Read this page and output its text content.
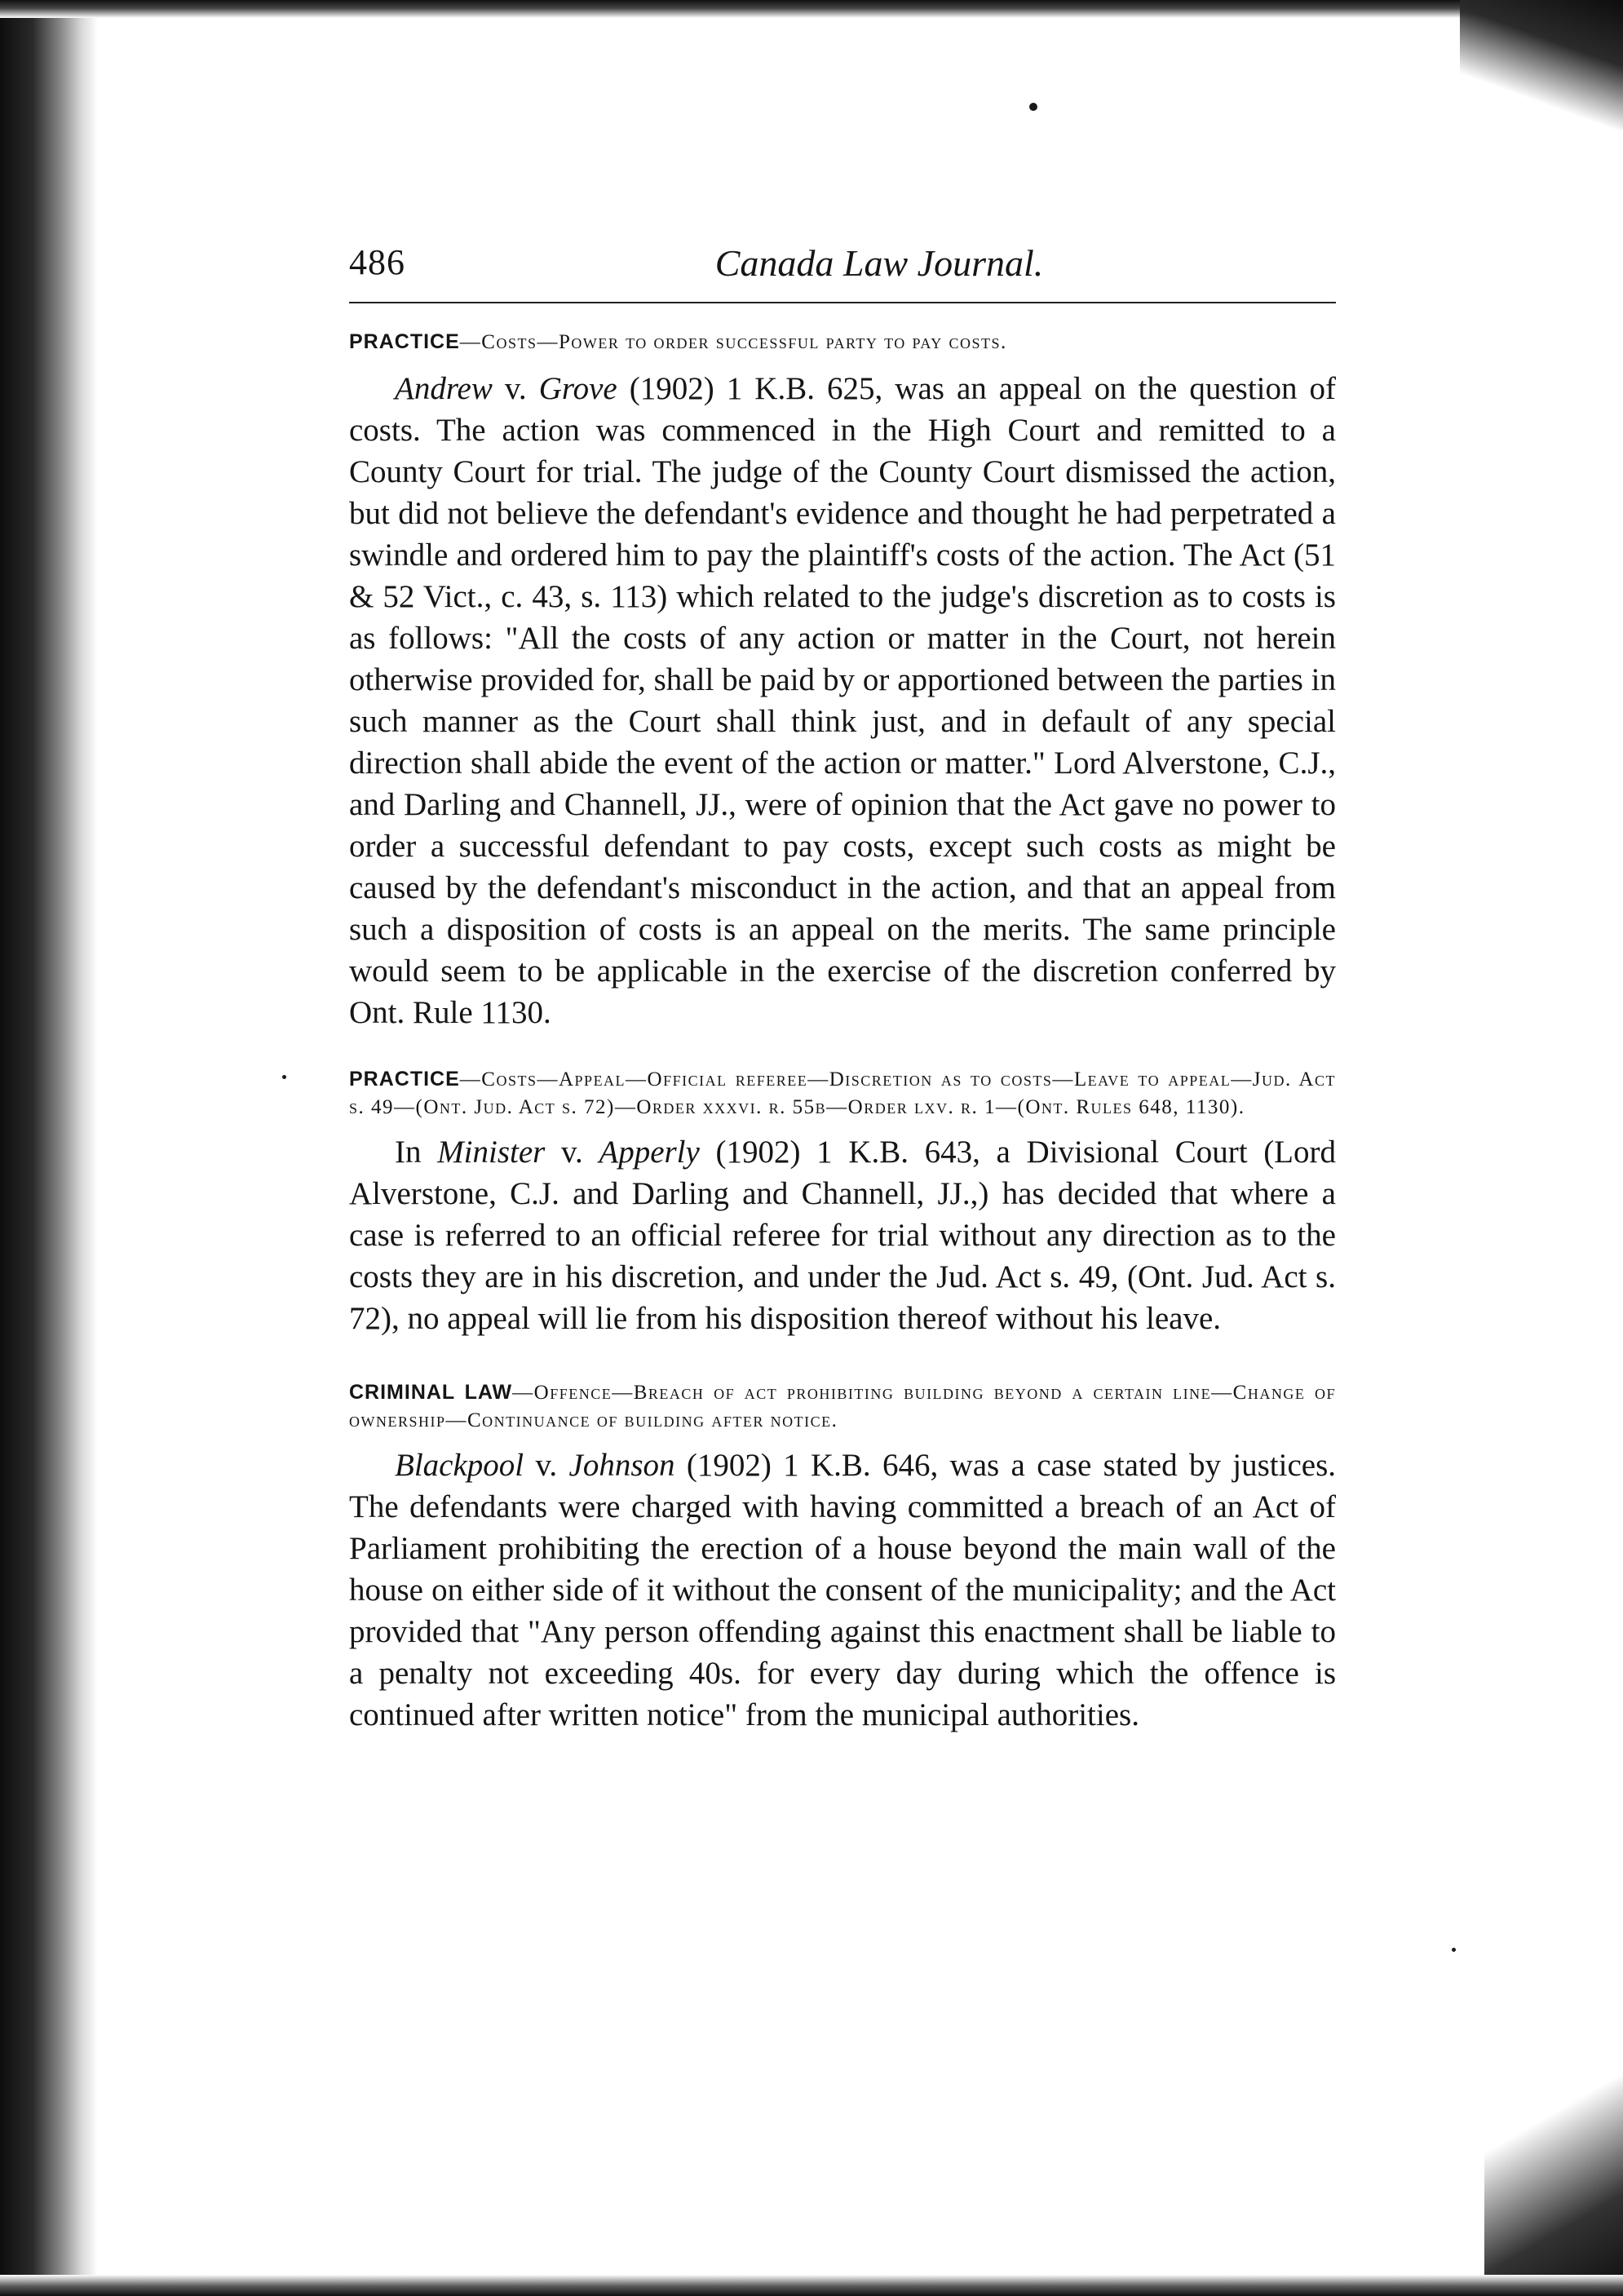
486	Canada Law Journal.
PRACTICE—Costs—Power to order successful party to pay costs.

Andrew v. Grove (1902) 1 K.B. 625, was an appeal on the question of costs. The action was commenced in the High Court and remitted to a County Court for trial. The judge of the County Court dismissed the action, but did not believe the defendant's evidence and thought he had perpetrated a swindle and ordered him to pay the plaintiff's costs of the action. The Act (51 & 52 Vict., c. 43, s. 113) which related to the judge's discretion as to costs is as follows: "All the costs of any action or matter in the Court, not herein otherwise provided for, shall be paid by or apportioned between the parties in such manner as the Court shall think just, and in default of any special direction shall abide the event of the action or matter." Lord Alverstone, C.J., and Darling and Channell, JJ., were of opinion that the Act gave no power to order a successful defendant to pay costs, except such costs as might be caused by the defendant's misconduct in the action, and that an appeal from such a disposition of costs is an appeal on the merits. The same principle would seem to be applicable in the exercise of the discretion conferred by Ont. Rule 1130.

PRACTICE—Costs—Appeal—Official referee—Discretion as to costs—Leave to appeal—Jud. Act s. 49—(Ont. Jud. Act s. 72)—Order xxxvi. r. 55b—Order lxv. r. 1—(Ont. Rules 648, 1130).

In Minister v. Apperly (1902) 1 K.B. 643, a Divisional Court (Lord Alverstone, C.J. and Darling and Channell, JJ.,) has decided that where a case is referred to an official referee for trial without any direction as to the costs they are in his discretion, and under the Jud. Act s. 49, (Ont. Jud. Act s. 72), no appeal will lie from his disposition thereof without his leave.

CRIMINAL LAW—Offence—Breach of act prohibiting building beyond a certain line—Change of ownership—Continuance of building after notice.

Blackpool v. Johnson (1902) 1 K.B. 646, was a case stated by justices. The defendants were charged with having committed a breach of an Act of Parliament prohibiting the erection of a house beyond the main wall of the house on either side of it without the consent of the municipality; and the Act provided that "Any person offending against this enactment shall be liable to a penalty not exceeding 40s. for every day during which the offence is continued after written notice" from the municipal authorities.
